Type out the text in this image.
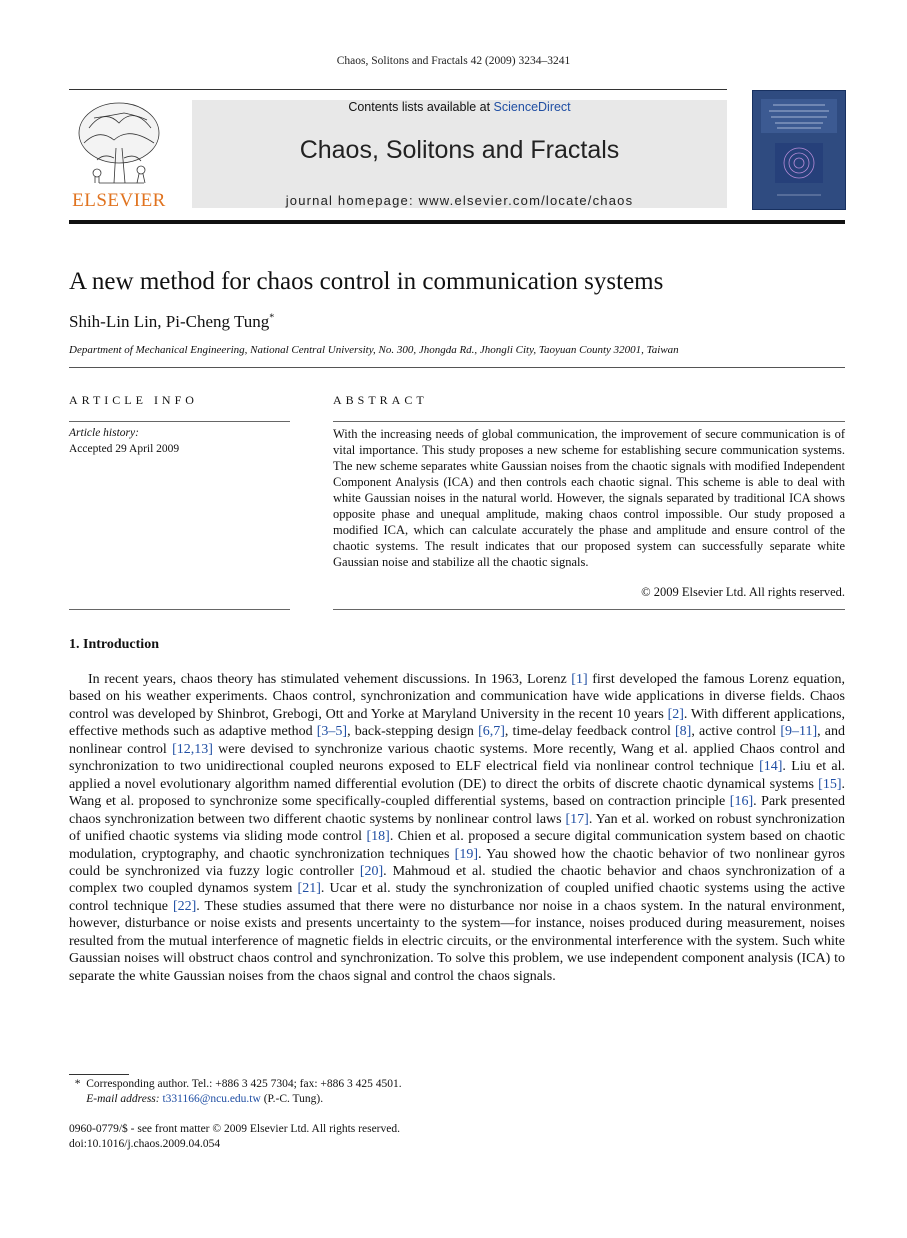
Chaos, Solitons and Fractals 42 (2009) 3234–3241
ELSEVIER
Contents lists available at ScienceDirect
Chaos, Solitons and Fractals
journal homepage: www.elsevier.com/locate/chaos
A new method for chaos control in communication systems
Shih-Lin Lin, Pi-Cheng Tung*
Department of Mechanical Engineering, National Central University, No. 300, Jhongda Rd., Jhongli City, Taoyuan County 32001, Taiwan
ARTICLE INFO	ABSTRACT
Article history:
Accepted 29 April 2009
With the increasing needs of global communication, the improvement of secure communication is of vital importance. This study proposes a new scheme for establishing secure communication systems. The new scheme separates white Gaussian noises from the chaotic signals with modified Independent Component Analysis (ICA) and then controls each chaotic signal. This scheme is able to deal with white Gaussian noises in the natural world. However, the signals separated by traditional ICA shows opposite phase and unequal amplitude, making chaos control impossible. Our study proposed a modified ICA, which can calculate accurately the phase and amplitude and ensure control of the chaotic systems. The result indicates that our proposed system can successfully separate white Gaussian noise and stabilize all the chaotic signals.
© 2009 Elsevier Ltd. All rights reserved.
1. Introduction
In recent years, chaos theory has stimulated vehement discussions. In 1963, Lorenz [1] first developed the famous Lorenz equation, based on his weather experiments. Chaos control, synchronization and communication have wide applications in diverse fields. Chaos control was developed by Shinbrot, Grebogi, Ott and Yorke at Maryland University in the recent 10 years [2]. With different applications, effective methods such as adaptive method [3–5], back-stepping design [6,7], time-delay feedback control [8], active control [9–11], and nonlinear control [12,13] were devised to synchronize various chaotic systems. More recently, Wang et al. applied Chaos control and synchronization to two unidirectional coupled neurons exposed to ELF electrical field via nonlinear control technique [14]. Liu et al. applied a novel evolutionary algorithm named differential evolution (DE) to direct the orbits of discrete chaotic dynamical systems [15]. Wang et al. proposed to synchronize some specifically-coupled differential systems, based on contraction principle [16]. Park presented chaos synchronization between two different chaotic systems by nonlinear control laws [17]. Yan et al. worked on robust synchronization of unified chaotic systems via sliding mode control [18]. Chien et al. proposed a secure digital communication system based on chaotic modulation, cryptography, and chaotic synchronization techniques [19]. Yau showed how the chaotic behavior of two nonlinear gyros could be synchronized via fuzzy logic controller [20]. Mahmoud et al. studied the chaotic behavior and chaos synchronization of a complex two coupled dynamos system [21]. Ucar et al. study the synchronization of coupled unified chaotic systems using the active control technique [22]. These studies assumed that there were no disturbance nor noise in a chaos system. In the natural environment, however, disturbance or noise exists and presents uncertainty to the system—for instance, noises produced during measurement, noises resulted from the mutual interference of magnetic fields in electric circuits, or the environmental interference with the system. Such white Gaussian noises will obstruct chaos control and synchronization. To solve this problem, we use independent component analysis (ICA) to separate the white Gaussian noises from the chaos signal and control the chaos signals.
* Corresponding author. Tel.: +886 3 425 7304; fax: +886 3 425 4501.
E-mail address: t331166@ncu.edu.tw (P.-C. Tung).
0960-0779/$ - see front matter © 2009 Elsevier Ltd. All rights reserved.
doi:10.1016/j.chaos.2009.04.054
